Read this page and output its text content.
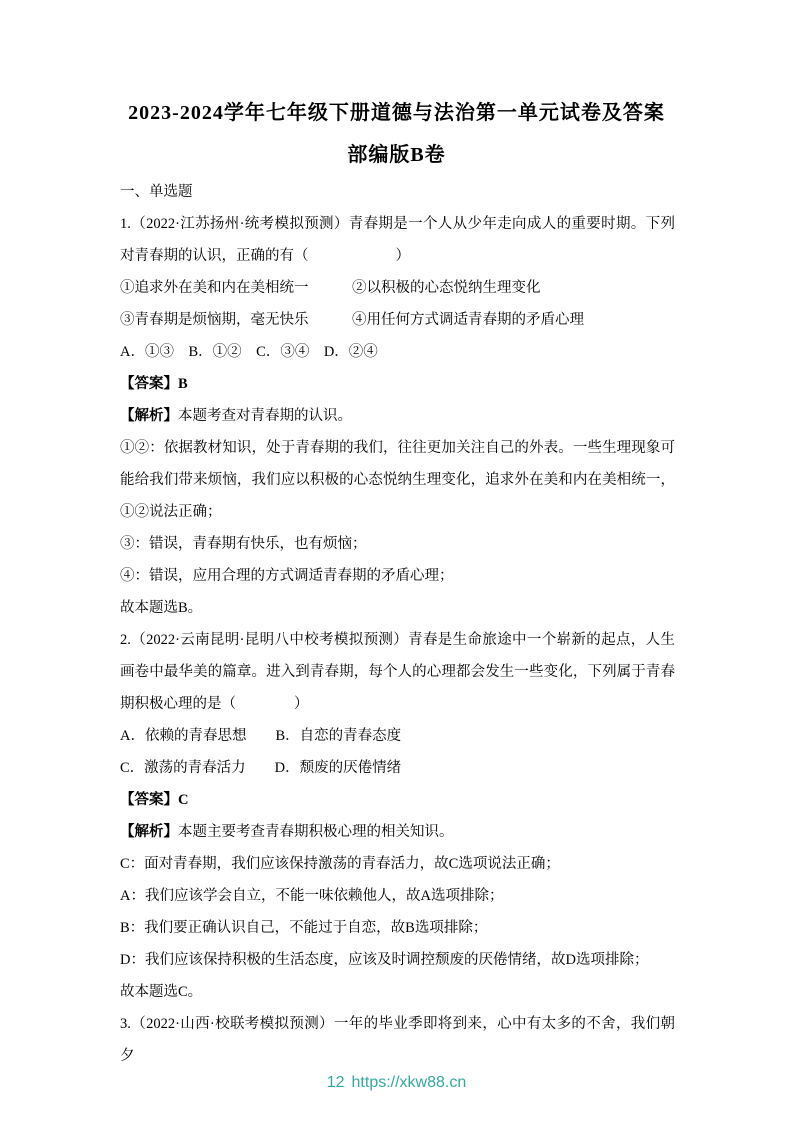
2023-2024学年七年级下册道德与法治第一单元试卷及答案
部编版B卷

一、单选题

1.（2022·江苏扬州·统考模拟预测）青春期是一个人从少年走向成人的重要时期。下列对青春期的认识，正确的有（　　　　　　）

①追求外在美和内在美相统一　　　②以积极的心态悦纳生理变化

③青春期是烦恼期，毫无快乐　　　④用任何方式调适青春期的矛盾心理

A．①③　B．①②　C．③④　D．②④

【答案】B

【解析】本题考查对青春期的认识。

①②：依据教材知识，处于青春期的我们，往往更加关注自己的外表。一些生理现象可能给我们带来烦恼，我们应以积极的心态悦纳生理变化，追求外在美和内在美相统一，①②说法正确；

③：错误，青春期有快乐，也有烦恼；

④：错误，应用合理的方式调适青春期的矛盾心理；

故本题选B。

2.（2022·云南昆明·昆明八中校考模拟预测）青春是生命旅途中一个崭新的起点，人生画卷中最华美的篇章。进入到青春期，每个人的心理都会发生一些变化，下列属于青春期积极心理的是（　　　　）

A．依赖的青春思想　　B．自恋的青春态度

C．激荡的青春活力　　D．颓废的厌倦情绪

【答案】C

【解析】本题主要考查青春期积极心理的相关知识。

C：面对青春期，我们应该保持激荡的青春活力，故C选项说法正确；

A：我们应该学会自立，不能一味依赖他人，故A选项排除；

B：我们要正确认识自己，不能过于自恋，故B选项排除；

D：我们应该保持积极的生活态度，应该及时调控颓废的厌倦情绪，故D选项排除；

故本题选C。

3.（2022·山西·校联考模拟预测）一年的毕业季即将到来，心中有太多的不舍，我们朝夕

12 https://xkw88.cn
